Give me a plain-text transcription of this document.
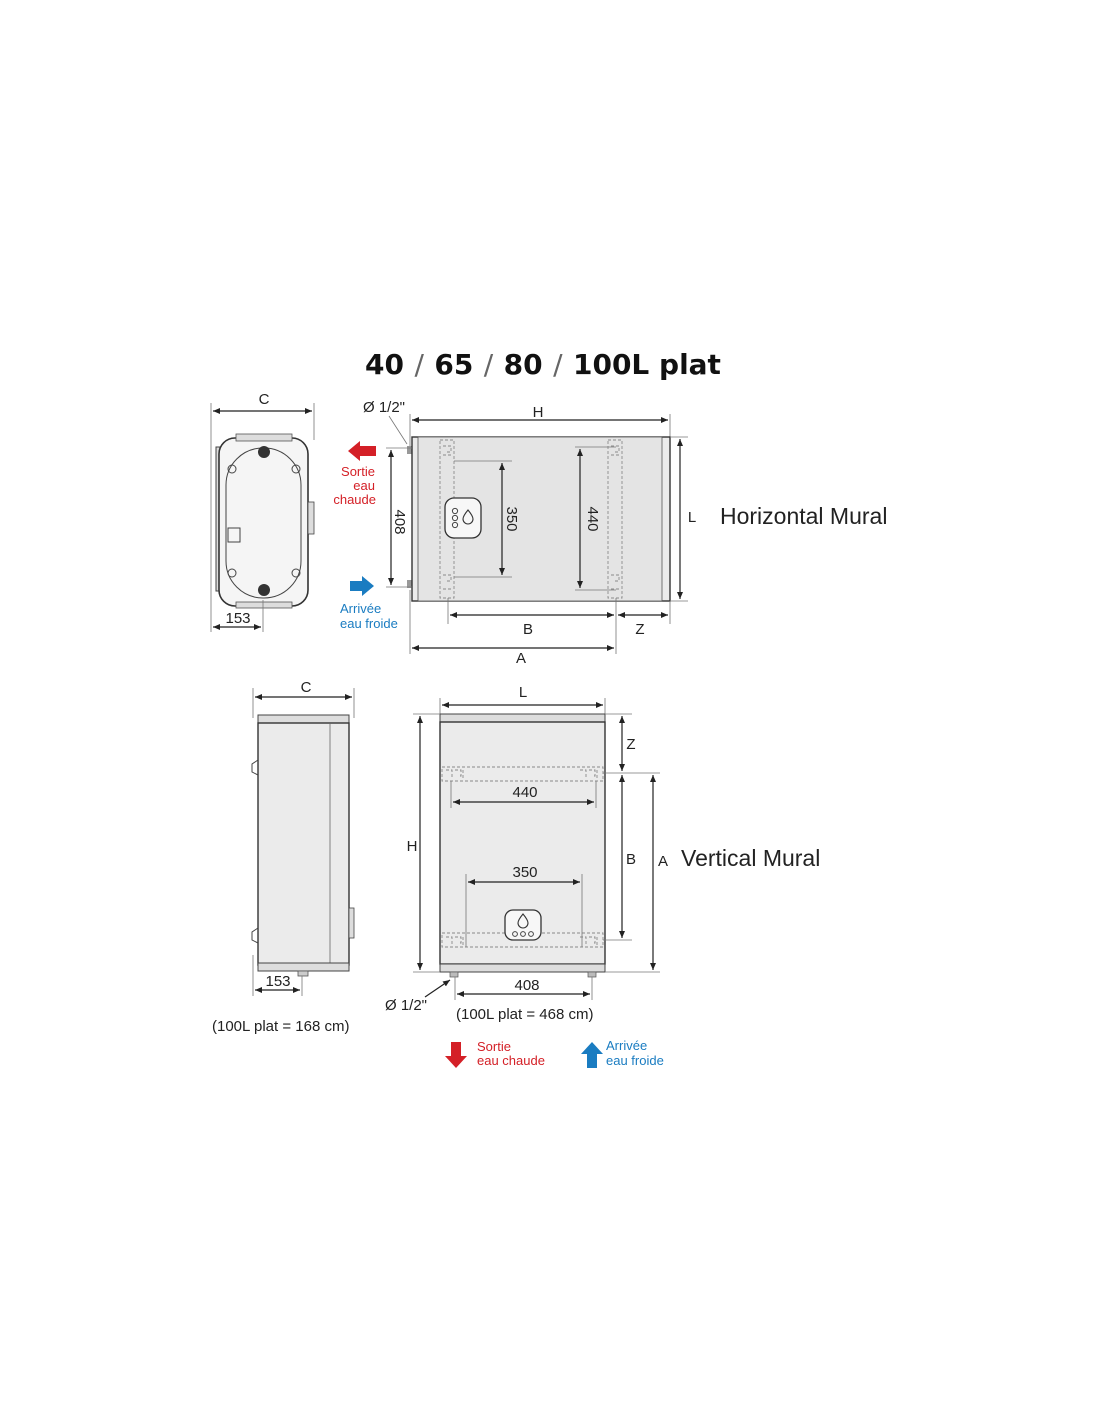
40 / 65 / 80 / 100L plat
C
153
Sortie
eau
chaude
Arrivée
eau froide
Ø 1/2"	H
408	350	440	L
B	Z
A
Horizontal Mural
C
153
(100L plat = 168 cm)
L
Z
440
350
H
B A
408
Ø 1/2"
(100L plat = 468 cm)
Vertical Mural
Sortie
eau chaude
Arrivée
eau froide
